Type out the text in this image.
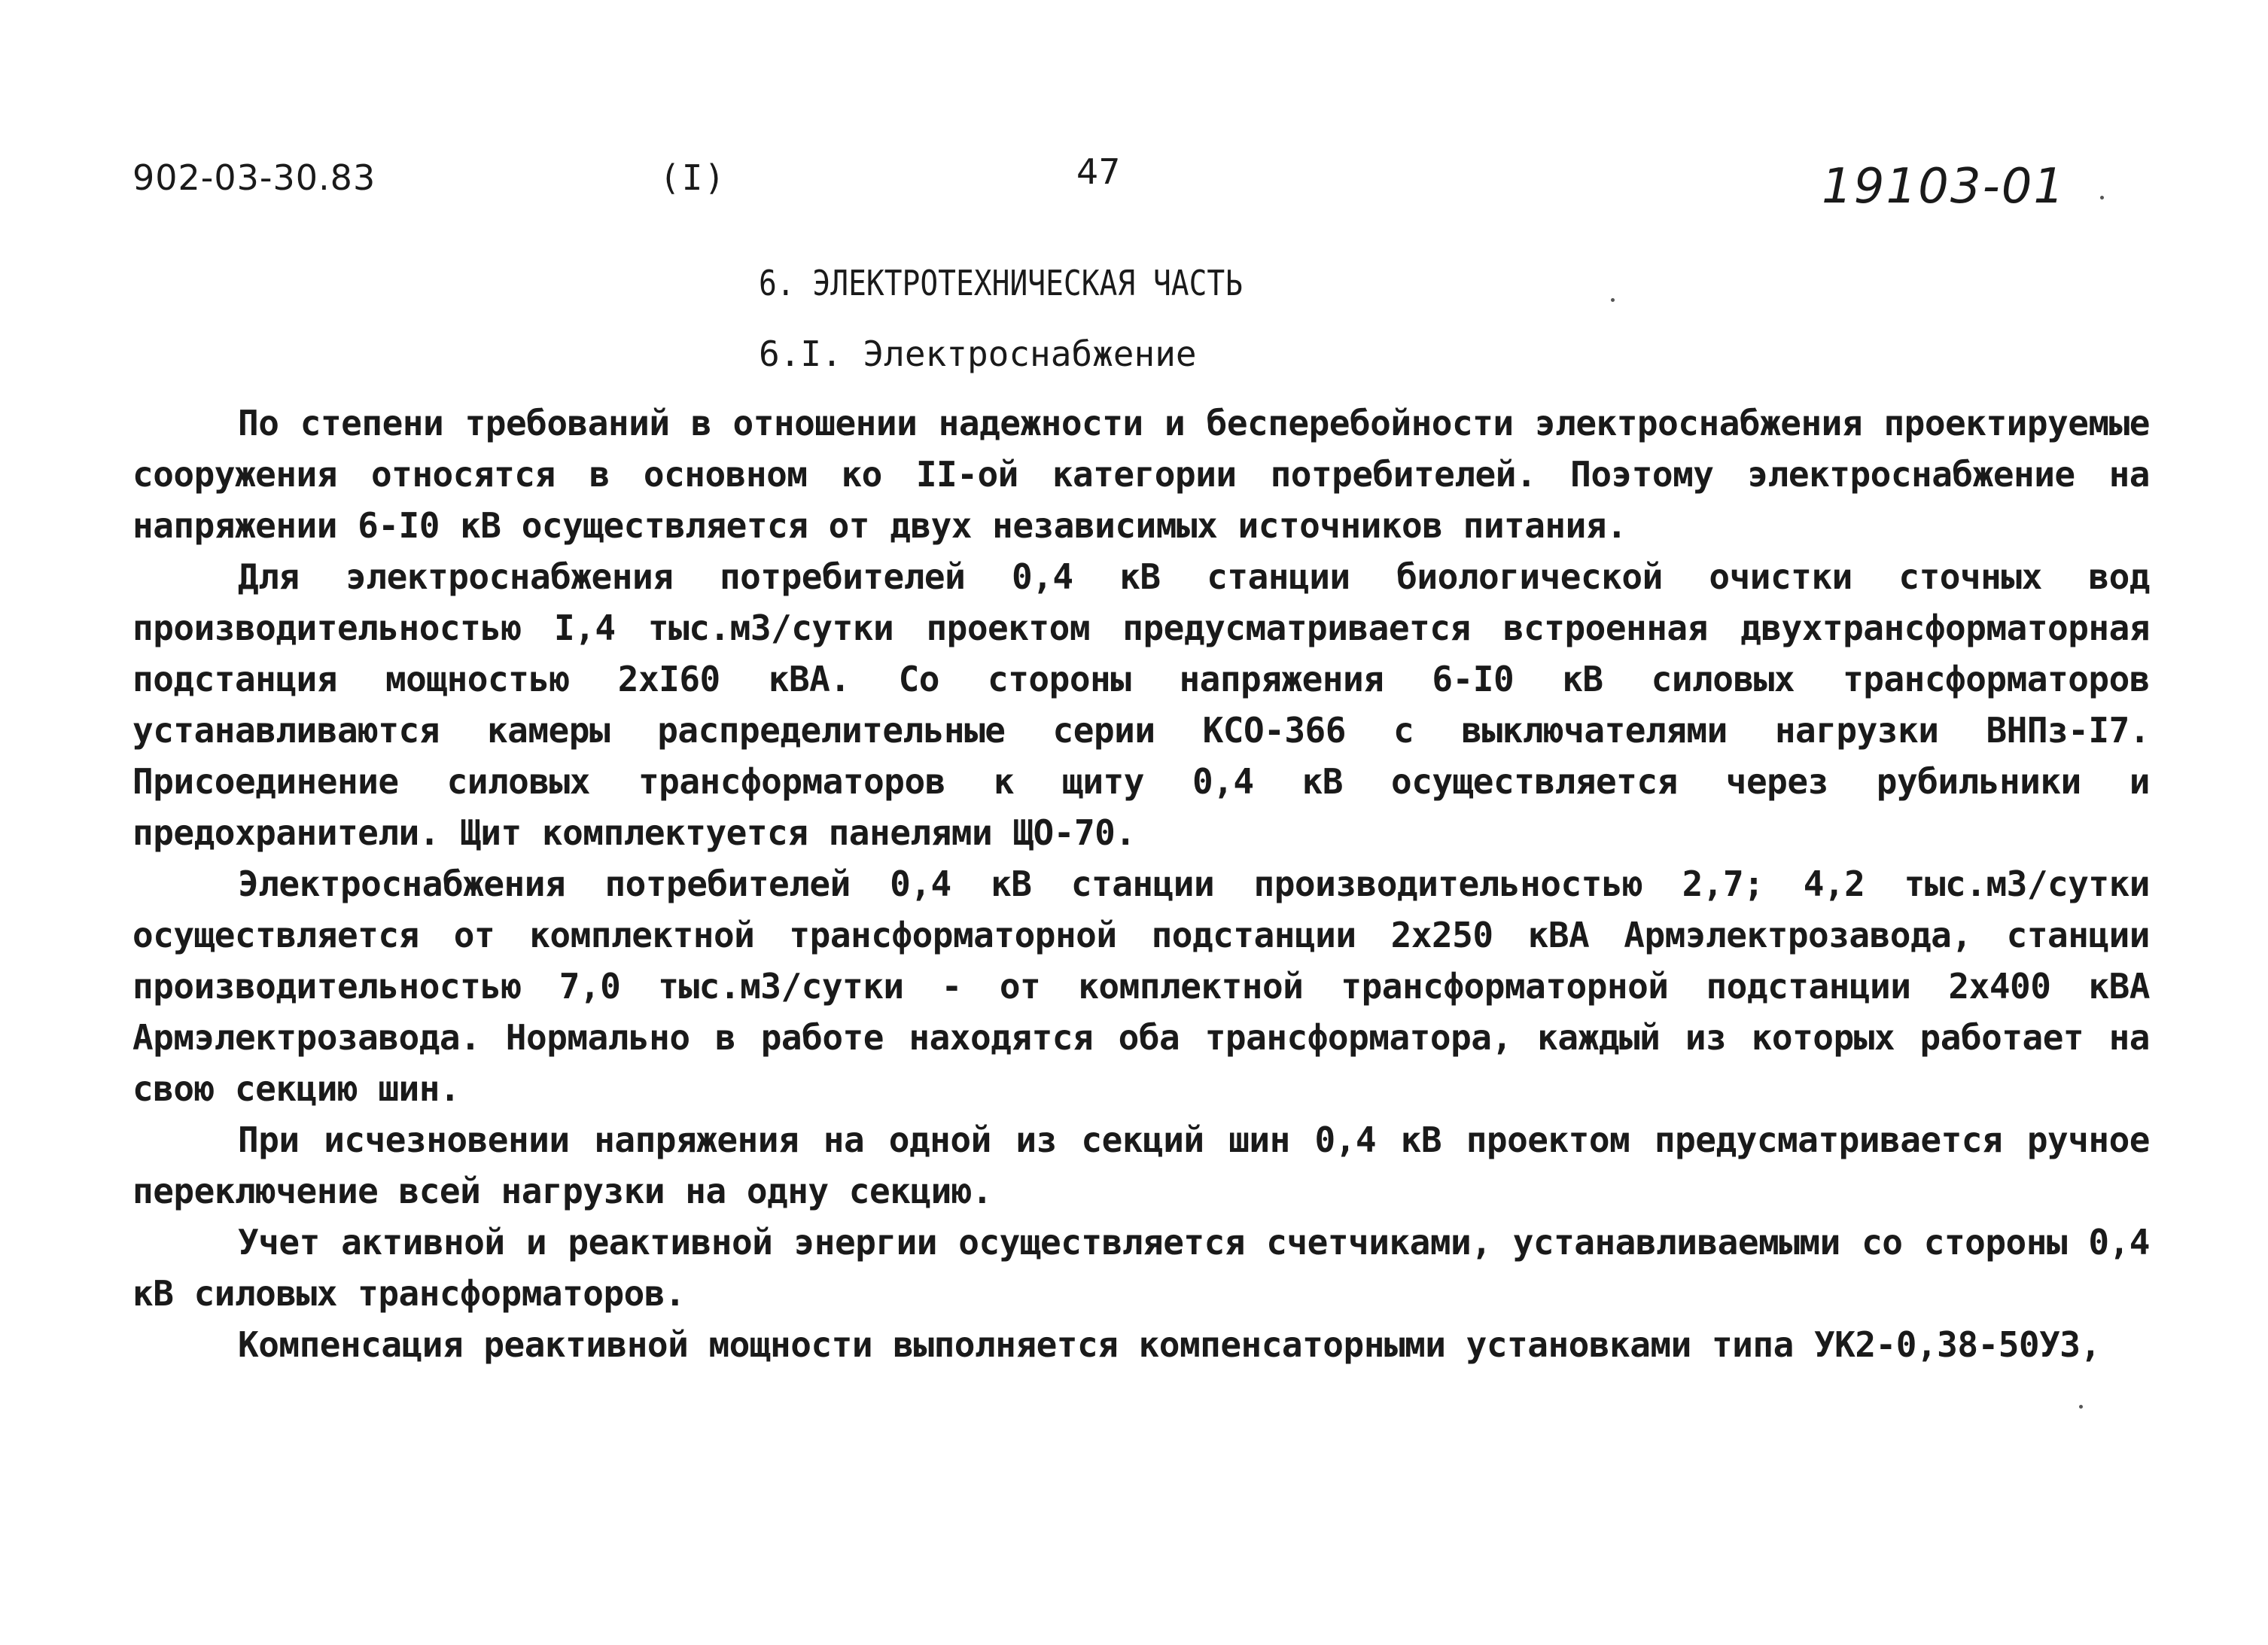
902-03-30.83	(I)	47	19103-01
6. ЭЛЕКТРОТЕХНИЧЕСКАЯ ЧАСТЬ
6.I. Электроснабжение

По степени требований в отношении надежности и бесперебойности электроснабжения проектируемые сооружения относятся в основном ко II-ой категории потребителей. Поэтому электроснабжение на напряжении 6-I0 кВ осуществляется от двух независимых источников питания.

Для электроснабжения потребителей 0,4 кВ станции биологической очистки сточных вод производительностью I,4 тыс.м3/сутки проектом предусматривается встроенная двухтрансформаторная подстанция мощностью 2хI60 кВА. Со стороны напряжения 6-I0 кВ силовых трансформаторов устанавливаются камеры распределительные серии КСО-366 с выключателями нагрузки ВНПз-I7. Присоединение силовых трансформаторов к щиту 0,4 кВ осуществляется через рубильники и предохранители. Щит комплектуется панелями ЩО-70.

Электроснабжения потребителей 0,4 кВ станции производительностью 2,7; 4,2 тыс.м3/сутки осуществляется от комплектной трансформаторной подстанции 2х250 кВА Армэлектрозавода, станции производительностью 7,0 тыс.м3/сутки - от комплектной трансформаторной подстанции 2х400 кВА Армэлектрозавода. Нормально в работе находятся оба трансформатора, каждый из которых работает на свою секцию шин.

При исчезновении напряжения на одной из секций шин 0,4 кВ проектом предусматривается ручное переключение всей нагрузки на одну секцию.

Учет активной и реактивной энергии осуществляется счетчиками, устанавливаемыми со стороны 0,4 кВ силовых трансформаторов.

Компенсация реактивной мощности выполняется компенсаторными установками типа УК2-0,38-50У3,
